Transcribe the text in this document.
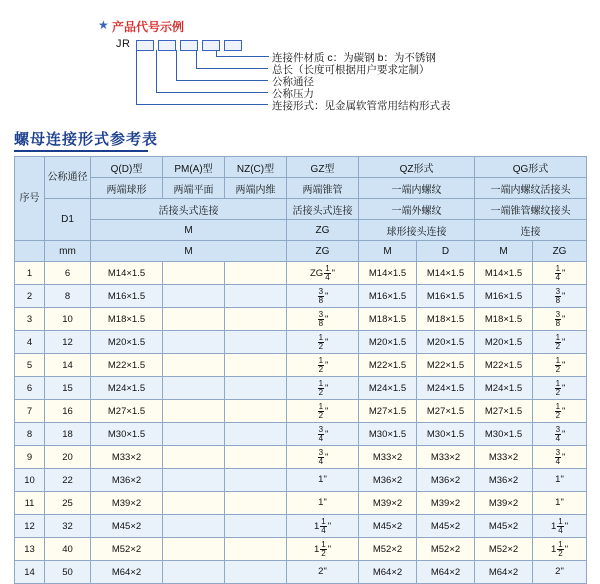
★ 产品代号示例
JR
连接件材质 c：为碳钢 b：为不锈钢
总长（长度可根据用户要求定制）
公称通径
公称压力
连接形式：见金属软管常用结构形式表
螺母连接形式参考表
序号	公称通径	Q(D)型	PM(A)型	NZ(C)型	GZ型	QZ形式		QG形式	
		两端球形	两端平面	两端内维	两端锥管	一端内螺纹		一端内螺纹活接头	
	D1	活接头式连接			活接头式连接	一端外螺纹		一端锥管螺纹接头	
		M			ZG	球形接头连接		连接	
	mm	M			ZG	M	D	M	ZG
1	6	M14×1.5			ZG $\frac{1}{4}$ "	M14×1.5	M14×1.5	M14×1.5	$\frac{1}{4}$ "
2	8	M16×1.5			$\frac{3}{8}$ "	M16×1.5	M16×1.5	M16×1.5	$\frac{3}{8}$ "
3	10	M18×1.5			$\frac{3}{8}$ "	M18×1.5	M18×1.5	M18×1.5	$\frac{3}{8}$ "
4	12	M20×1.5			$\frac{1}{2}$ "	M20×1.5	M20×1.5	M20×1.5	$\frac{1}{2}$ "
5	14	M22×1.5			$\frac{1}{2}$ "	M22×1.5	M22×1.5	M22×1.5	$\frac{1}{2}$ "
6	15	M24×1.5			$\frac{1}{2}$ "	M24×1.5	M24×1.5	M24×1.5	$\frac{1}{2}$ "
7	16	M27×1.5			$\frac{1}{2}$ "	M27×1.5	M27×1.5	M27×1.5	$\frac{1}{2}$ "
8	18	M30×1.5			$\frac{3}{4}$ "	M30×1.5	M30×1.5	M30×1.5	$\frac{3}{4}$ "
9	20	M33×2			$\frac{3}{4}$ "	M33×2	M33×2	M33×2	$\frac{3}{4}$ "
10	22	M36×2			1"	M36×2	M36×2	M36×2	1"
11	25	M39×2			1"	M39×2	M39×2	M39×2	1"
12	32	M45×2			$1 \frac{1}{4}$ "	M45×2	M45×2	M45×2	$1 \frac{1}{4}$ "
13	40	M52×2			$1 \frac{1}{2}$ "	M52×2	M52×2	M52×2	$1 \frac{1}{2}$ "
14	50	M64×2			2"	M64×2	M64×2	M64×2	2"
